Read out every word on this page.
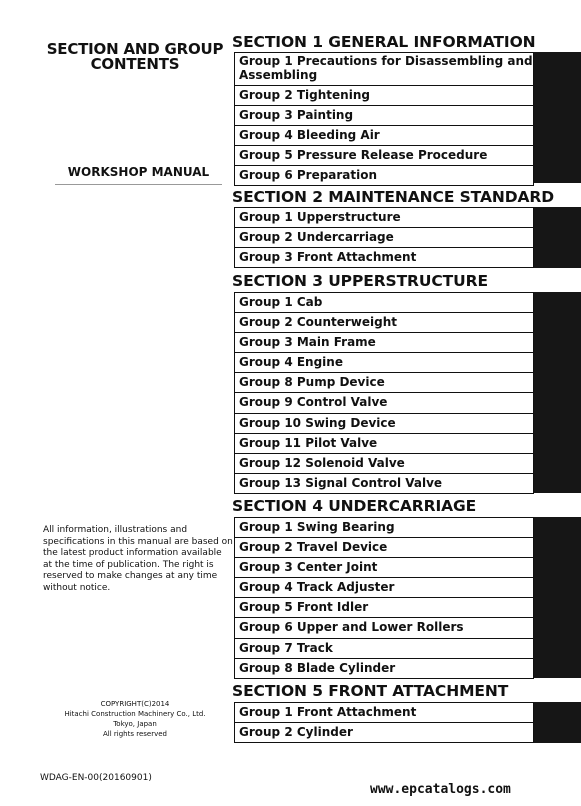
SECTION AND GROUP
CONTENTS
WORKSHOP MANUAL
All information, illustrations and
specifications in this manual are based on
the latest product information available
at the time of publication. The right is
reserved to make changes at any time
without notice.
COPYRIGHT(C)2014
Hitachi Construction Machinery Co., Ltd.
Tokyo, Japan
All rights reserved
WDAG-EN-00(20160901)
www.epcatalogs.com
SECTION 1 GENERAL INFORMATION
Group 1 Precautions for Disassembling and Assembling
Group 2 Tightening
Group 3 Painting
Group 4 Bleeding Air
Group 5 Pressure Release Procedure
Group 6 Preparation
SECTION 2 MAINTENANCE STANDARD
Group 1 Upperstructure
Group 2 Undercarriage
Group 3 Front Attachment
SECTION 3 UPPERSTRUCTURE
Group 1 Cab
Group 2 Counterweight
Group 3 Main Frame
Group 4 Engine
Group 8 Pump Device
Group 9 Control Valve
Group 10 Swing Device
Group 11 Pilot Valve
Group 12 Solenoid Valve
Group 13 Signal Control Valve
SECTION 4 UNDERCARRIAGE
Group 1 Swing Bearing
Group 2 Travel Device
Group 3 Center Joint
Group 4 Track Adjuster
Group 5 Front Idler
Group 6 Upper and Lower Rollers
Group 7 Track
Group 8 Blade Cylinder
SECTION 5 FRONT ATTACHMENT
Group 1 Front Attachment
Group 2 Cylinder
